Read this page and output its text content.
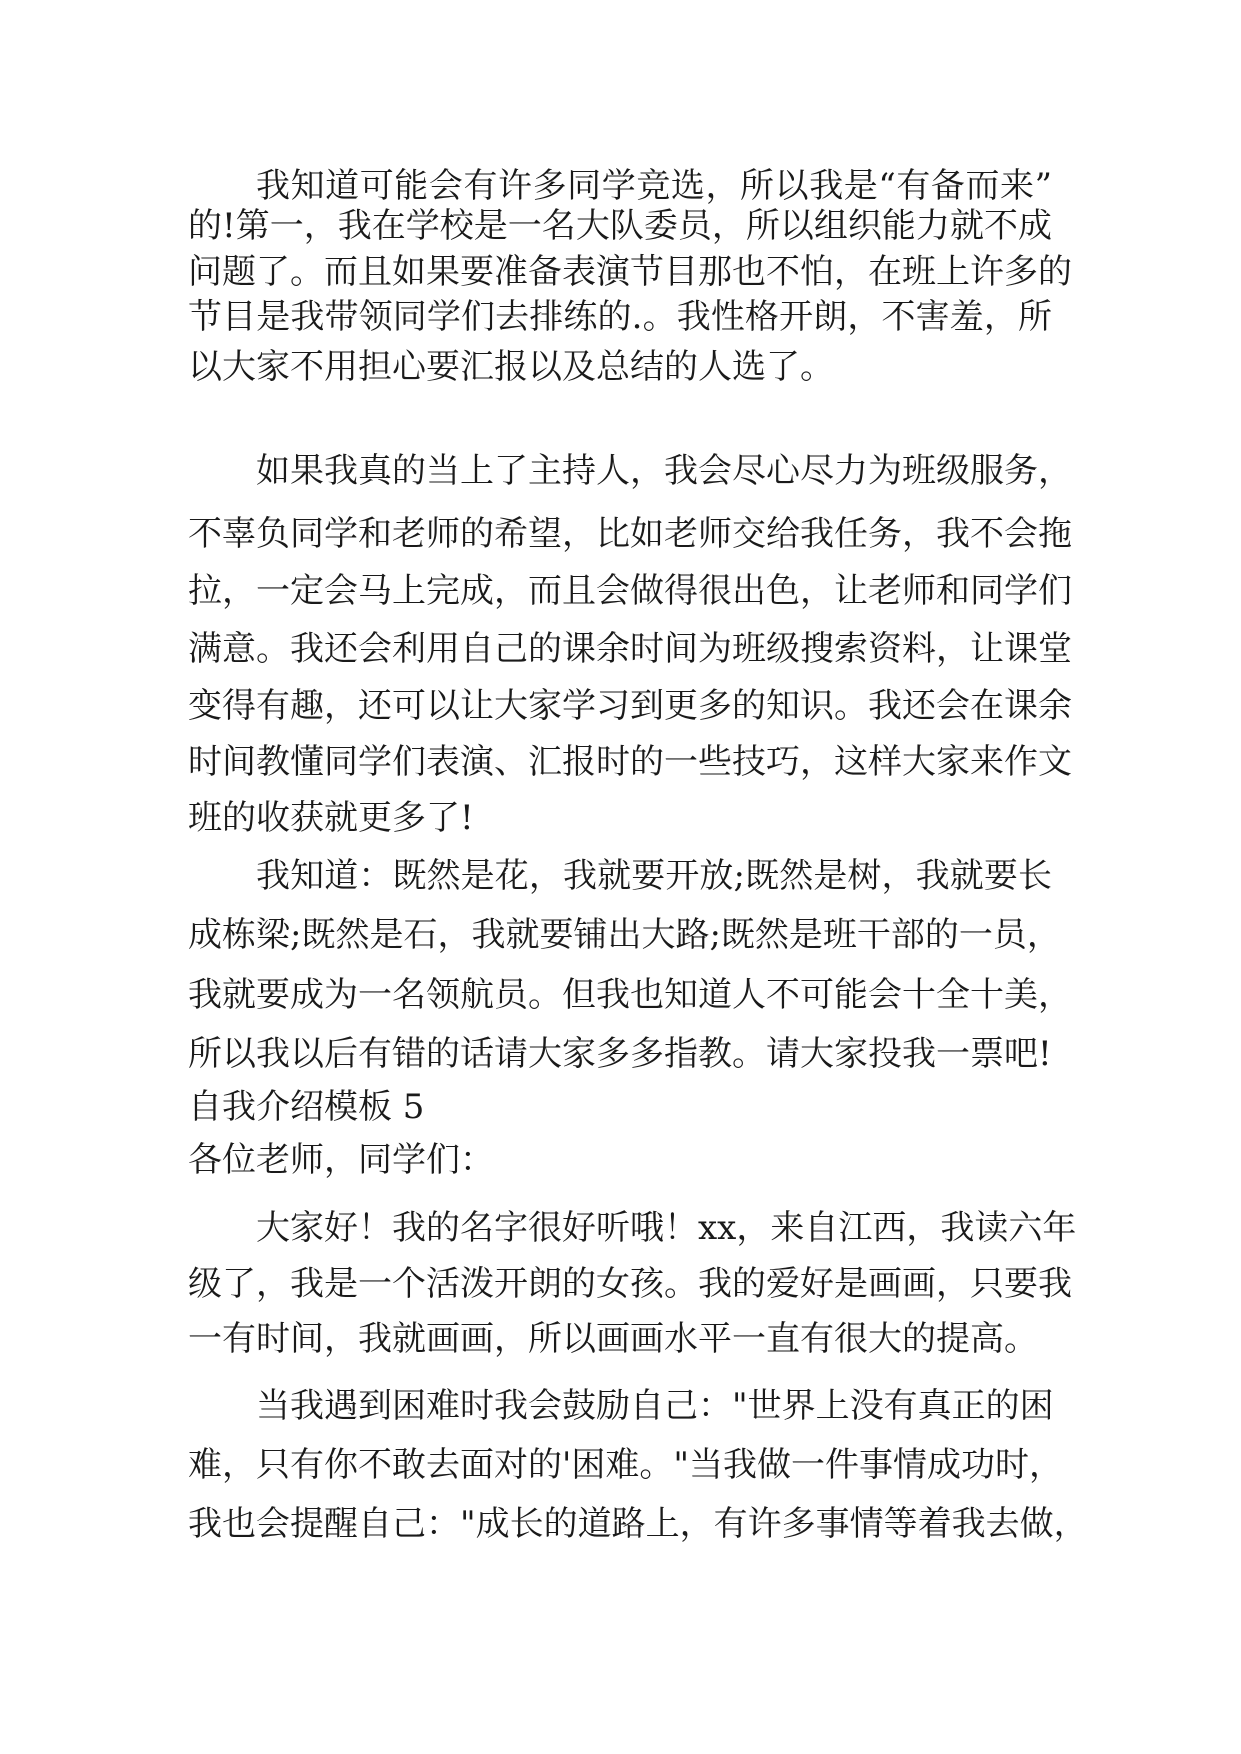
我知道可能会有许多同学竞选，所以我是“有备而来”
的!第一，我在学校是一名大队委员，所以组织能力就不成
问题了。而且如果要准备表演节目那也不怕，在班上许多的
节目是我带领同学们去排练的.。我性格开朗，不害羞，所
以大家不用担心要汇报以及总结的人选了。
如果我真的当上了主持人，我会尽心尽力为班级服务，
不辜负同学和老师的希望，比如老师交给我任务，我不会拖
拉，一定会马上完成，而且会做得很出色，让老师和同学们
满意。我还会利用自己的课余时间为班级搜索资料，让课堂
变得有趣，还可以让大家学习到更多的知识。我还会在课余
时间教懂同学们表演、汇报时的一些技巧，这样大家来作文
班的收获就更多了!
我知道：既然是花，我就要开放;既然是树，我就要长
成栋梁;既然是石，我就要铺出大路;既然是班干部的一员，
我就要成为一名领航员。但我也知道人不可能会十全十美，
所以我以后有错的话请大家多多指教。请大家投我一票吧!
自我介绍模板 5
各位老师，同学们：
大家好！我的名字很好听哦！xx，来自江西，我读六年
级了，我是一个活泼开朗的女孩。我的爱好是画画，只要我
一有时间，我就画画，所以画画水平一直有很大的提高。
当我遇到困难时我会鼓励自己："世界上没有真正的困
难，只有你不敢去面对的'困难。"当我做一件事情成功时，
我也会提醒自己："成长的道路上，有许多事情等着我去做，
